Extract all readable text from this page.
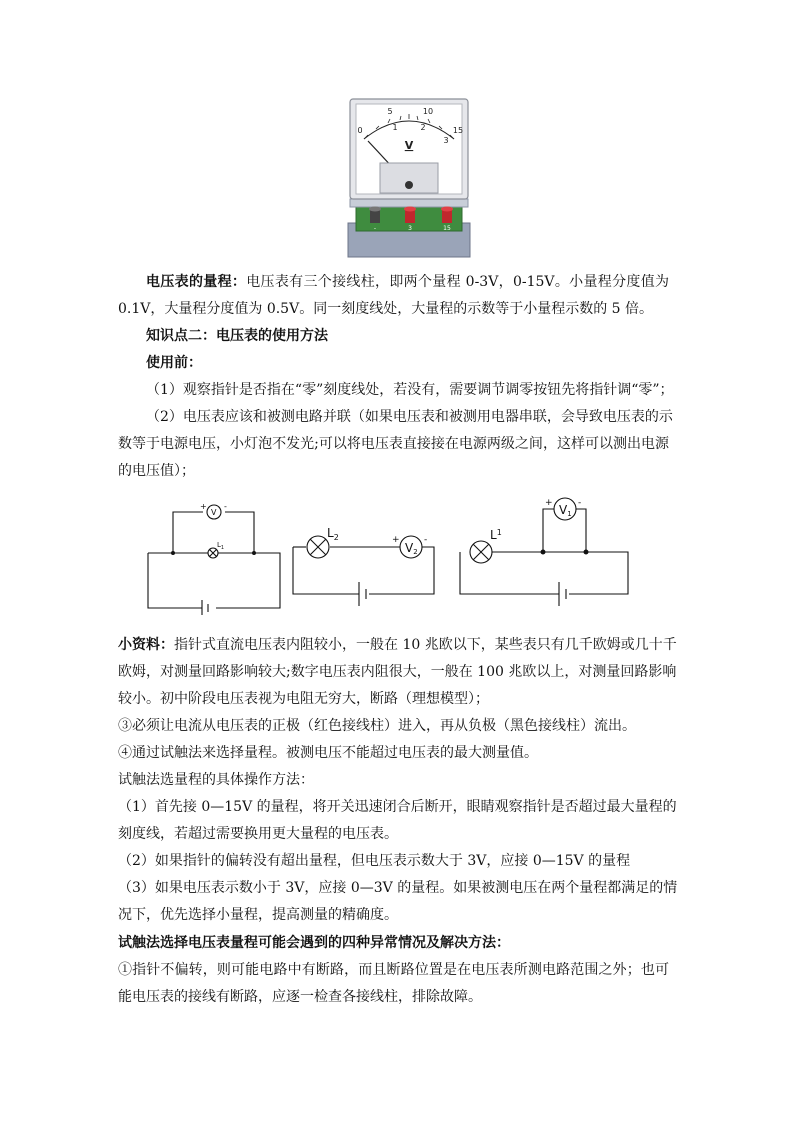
5	10
15
0	1	2
3
V
-	3	15
电压表的量程：电压表有三个接线柱，即两个量程 0-3V，0-15V。小量程分度值为
0.1V，大量程分度值为 0.5V。同一刻度线处，大量程的示数等于小量程示数的 5 倍。
知识点二：电压表的使用方法
使用前：
（1）观察指针是否指在“零”刻度线处，若没有，需要调节调零按钮先将指针调“零”；
（2）电压表应该和被测电路并联（如果电压表和被测用电器串联，会导致电压表的示
数等于电源电压，小灯泡不发光;可以将电压表直接接在电源两级之间，这样可以测出电源
的电压值）；
+ -
V
$L_1$
$L_2$	+	-
V2
$L^1$
+	-
V1
小资料：指针式直流电压表内阻较小，一般在 10 兆欧以下，某些表只有几千欧姆或几十千
欧姆，对测量回路影响较大;数字电压表内阻很大，一般在 100 兆欧以上，对测量回路影响
较小。初中阶段电压表视为电阻无穷大，断路（理想模型）；
③必须让电流从电压表的正极（红色接线柱）进入，再从负极（黑色接线柱）流出。
④通过试触法来选择量程。被测电压不能超过电压表的最大测量值。
试触法选量程的具体操作方法：
（1）首先接 0—15V 的量程，将开关迅速闭合后断开，眼睛观察指针是否超过最大量程的
刻度线，若超过需要换用更大量程的电压表。
（2）如果指针的偏转没有超出量程，但电压表示数大于 3V，应接 0—15V 的量程
（3）如果电压表示数小于 3V，应接 0—3V 的量程。如果被测电压在两个量程都满足的情
况下，优先选择小量程，提高测量的精确度。
试触法选择电压表量程可能会遇到的四种异常情况及解决方法：
①指针不偏转，则可能电路中有断路，而且断路位置是在电压表所测电路范围之外；也可
能电压表的接线有断路，应逐一检查各接线柱，排除故障。
